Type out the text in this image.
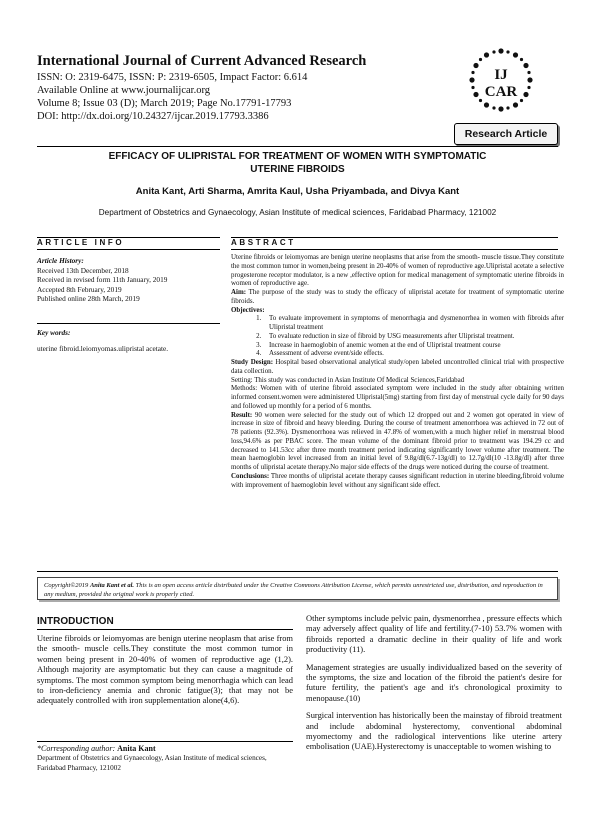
International Journal of Current Advanced Research
ISSN: O: 2319-6475, ISSN: P: 2319-6505, Impact Factor: 6.614
Available Online at www.journalijcar.org
Volume 8; Issue 03 (D); March 2019; Page No.17791-17793
DOI: http://dx.doi.org/10.24327/ijcar.2019.17793.3386
IJ
CAR
Research Article
EFFICACY OF ULIPRISTAL FOR TREATMENT OF WOMEN WITH SYMPTOMATIC
UTERINE FIBROIDS
Anita Kant, Arti Sharma, Amrita Kaul, Usha Priyambada, and Divya Kant
Department of Obstetrics and Gynaecology, Asian Institute of medical sciences, Faridabad Pharmacy, 121002
ARTICLE INFO	ABSTRACT
Article History:
Received 13th December, 2018
Received in revised form 11th January, 2019
Accepted 8th February, 2019
Published online 28th March, 2019
Key words:
uterine fibroid.leiomyomas.ulipristal acetate.

Uterine fibroids or leiomyomas are benign uterine neoplasms that arise from the smooth- muscle tissue.They constitute the most common tumor in women,being present in 20-40% of women of reproductive age.Ulipristal acetate a selective progesterone receptor modulator, is a new ,effective option for medical management of symptomatic uterine fibroids in women of reproductive age.

Aim: The purpose of the study was to study the efficacy of ulipristal acetate for treatment of symptomatic uterine fibroids.

Objectives:

1. To evaluate improvement in symptoms of menorrhagia and dysmenorrhea in women with fibroids after Ulipristal treatment
2. To evaluate reduction in size of fibroid by USG measurements after Ulipristal treatment.
3. Increase in haemoglobin of anemic women at the end of Ulipristal treatment course
4. Assessment of adverse event/side effects.

Study Design: Hospital based observational analytical study/open labeled uncontrolled clinical trial with prospective data collection.

Setting: This study was conducted in Asian Institute Of Medical Sciences,Faridabad

Methods: Women with of uterine fibroid associated symptom were included in the study after obtaining written informed consent.women were administered Ulipristal(5mg) starting from first day of menstrual cycle daily for 90 days and followed up monthly for a period of 6 months.

Result: 90 women were selected for the study out of which 12 dropped out and 2 women got operated in view of increase in size of fibroid and heavy bleeding. During the course of treatment amenorrhoea was achieved in 72 out of 78 patients (92.3%). Dysmenorrhoea was relieved in 47.8% of women,with a much higher relief in menstrual blood loss,94.6% as per PBAC score. The mean volume of the dominant fibroid prior to treatment was 194.29 cc and decreased to 141.53cc after three month treatment period indicating significantly lower volume after treatment. The mean haemoglobin level increased from an initial level of 9.8g/dl(6.7-13g/dl) to 12.7g/dl(10 -13.8g/dl) after three months of ulipristal acetate therapy.No major side effects of the drugs were noticed during the course of treatment.

Conclusions: Three months of ulipristal acetate therapy causes significant reduction in uterine bleeding,fibroid volume with improvement of haemoglobin level without any significant side effect.

Copyright©2019 Anita Kant et al. This is an open access article distributed under the Creative Commons Attribution License, which permits unrestricted use, distribution, and reproduction in any medium, provided the original work is properly cited.
INTRODUCTION

Uterine fibroids or leiomyomas are benign uterine neoplasm that arise from the smooth- muscle cells.They constitute the most common tumor in women being present in 20-40% of women of reproductive age (1,2). Although majority are asymptomatic but they can cause a magnitude of symptoms. The most common symptom being menorrhagia which can lead to iron-deficiency anemia and chronic fatigue(3); that may not be adequately controlled with iron supplementation alone(4,6).

*Corresponding author: Anita Kant
Department of Obstetrics and Gynaecology, Asian Institute of medical sciences, Faridabad Pharmacy, 121002

Other symptoms include pelvic pain, dysmenorrhea , pressure effects which may adversely affect quality of life and fertility.(7-10) 53.7% women with fibroids reported a dramatic decline in their quality of life and work productivity (11).

Management strategies are usually individualized based on the severity of the symptoms, the size and location of the fibroid the patient's desire for future fertility, the patient's age and it's chronological proximity to menopause.(10)

Surgical intervention has historically been the mainstay of fibroid treatment and include abdominal hysterectomy, conventional abdominal myomectomy and the radiological interventions like uterine artery embolisation (UAE).Hysterectomy is unacceptable to women wishing to
